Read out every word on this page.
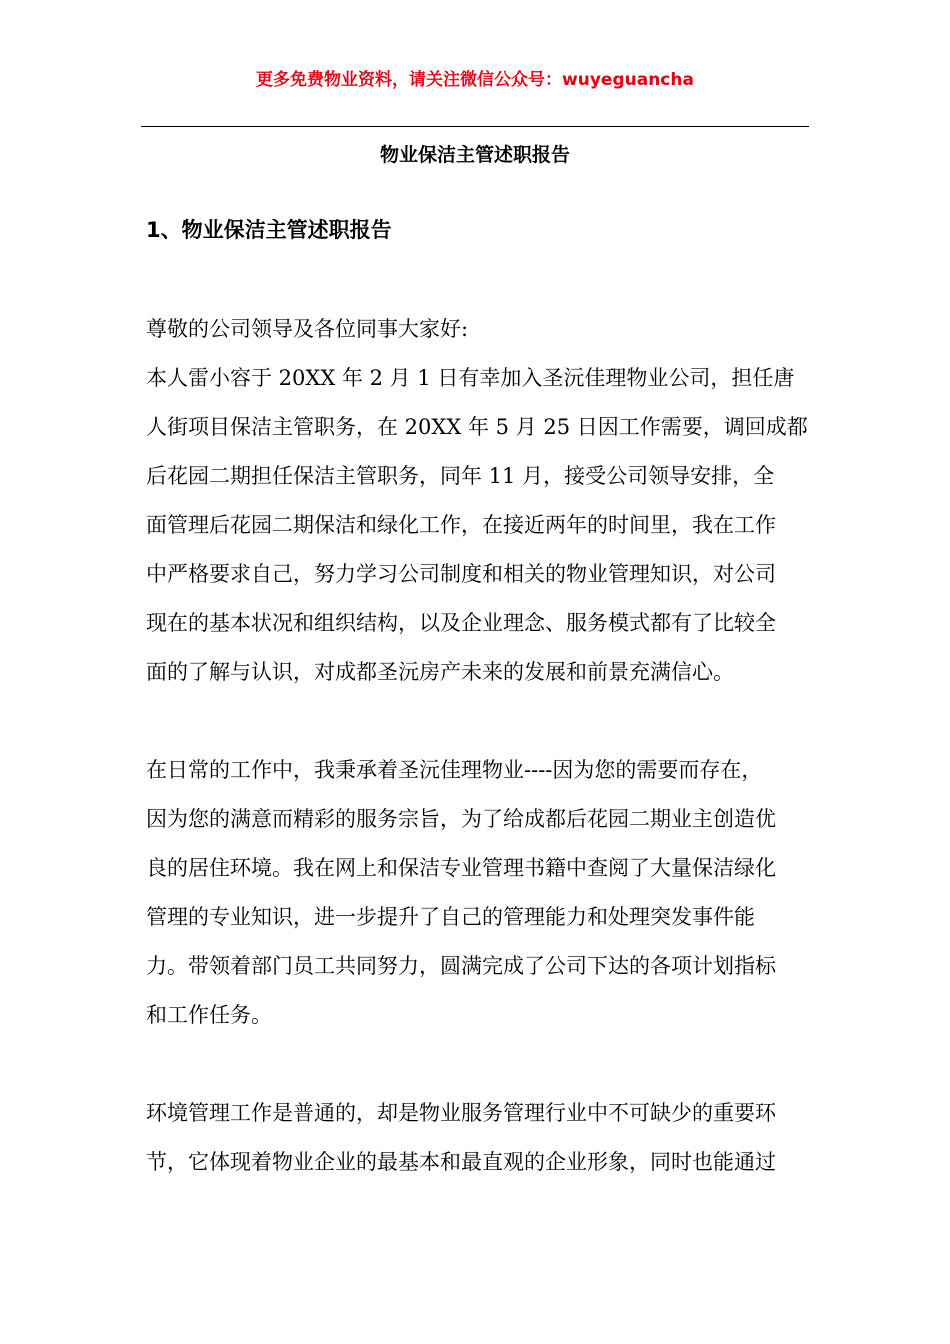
更多免费物业资料，请关注微信公众号：wuyeguancha
物业保洁主管述职报告
1、物业保洁主管述职报告
尊敬的公司领导及各位同事大家好:
本人雷小容于 20XX 年 2 月 1 日有幸加入圣沅佳理物业公司，担任唐
人街项目保洁主管职务，在 20XX 年 5 月 25 日因工作需要，调回成都
后花园二期担任保洁主管职务，同年 11 月，接受公司领导安排，全
面管理后花园二期保洁和绿化工作，在接近两年的时间里，我在工作
中严格要求自己，努力学习公司制度和相关的物业管理知识，对公司
现在的基本状况和组织结构，以及企业理念、服务模式都有了比较全
面的了解与认识，对成都圣沅房产未来的发展和前景充满信心。
在日常的工作中，我秉承着圣沅佳理物业----因为您的需要而存在，
因为您的满意而精彩的服务宗旨，为了给成都后花园二期业主创造优
良的居住环境。我在网上和保洁专业管理书籍中查阅了大量保洁绿化
管理的专业知识，进一步提升了自己的管理能力和处理突发事件能
力。带领着部门员工共同努力，圆满完成了公司下达的各项计划指标
和工作任务。
环境管理工作是普通的，却是物业服务管理行业中不可缺少的重要环
节，它体现着物业企业的最基本和最直观的企业形象，同时也能通过
